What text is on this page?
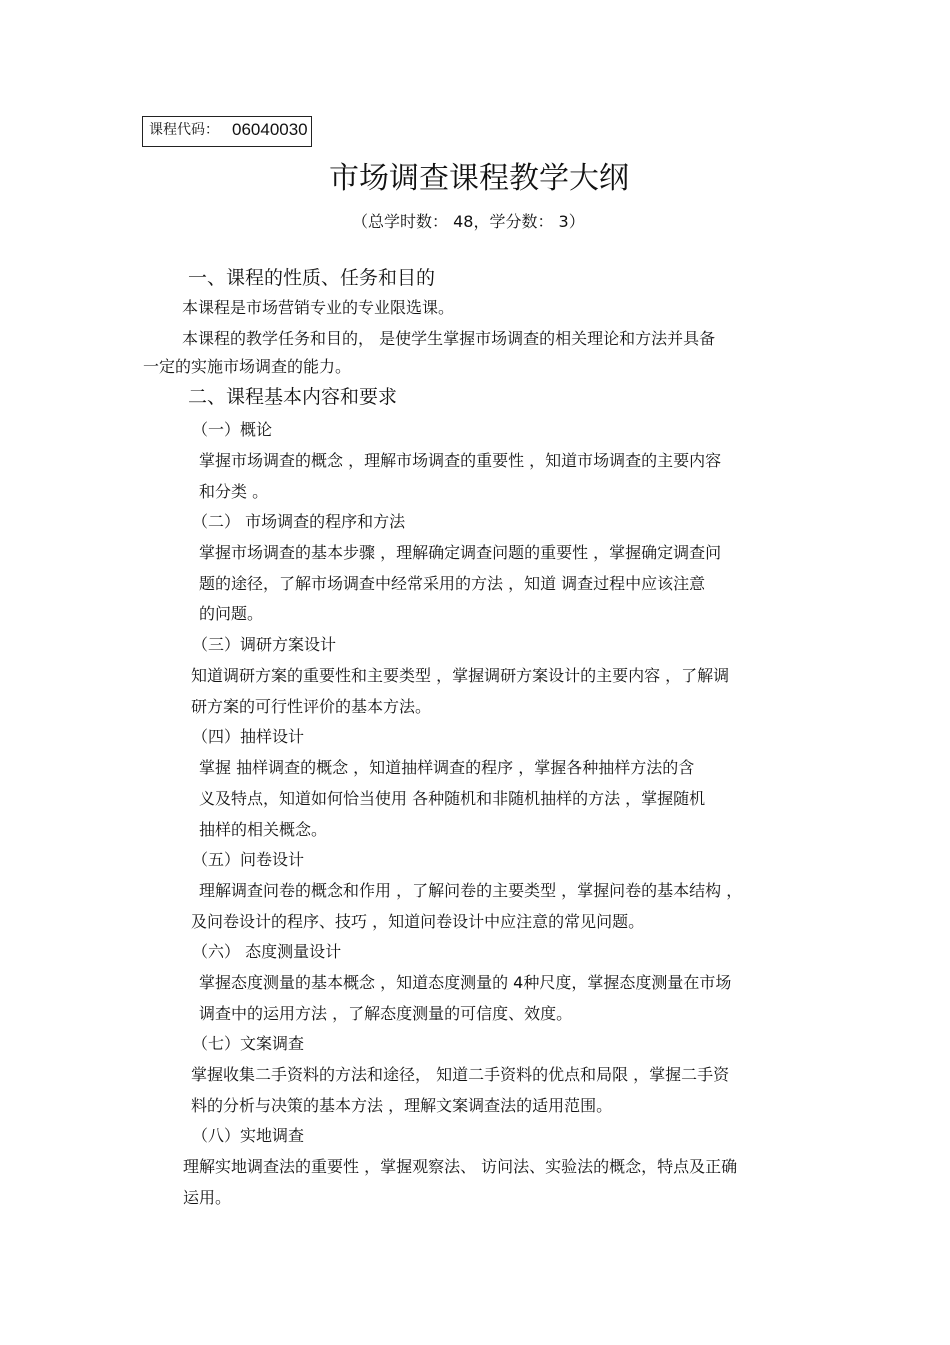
课程代码： 06040030
市场调查课程教学大纲
（总学时数： 48，学分数： 3）
一、课程的性质、任务和目的
本课程是市场营销专业的专业限选课。
本课程的教学任务和目的， 是使学生掌握市场调查的相关理论和方法并具备
一定的实施市场调查的能力。
二、课程基本内容和要求
（一）概论
掌握市场调查的概念 ，理解市场调查的重要性 ，知道市场调查的主要内容
和分类 。
（二） 市场调查的程序和方法
掌握市场调查的基本步骤 ，理解确定调查问题的重要性 ，掌握确定调查问
题的途径，了解市场调查中经常采用的方法 ，知道 调查过程中应该注意
的问题。
（三）调研方案设计
知道调研方案的重要性和主要类型 ，掌握调研方案设计的主要内容 ，了解调
研方案的可行性评价的基本方法。
（四）抽样设计
掌握 抽样调查的概念 ，知道抽样调查的程序 ，掌握各种抽样方法的含
义及特点，知道如何恰当使用 各种随机和非随机抽样的方法 ，掌握随机
抽样的相关概念。
（五）问卷设计
理解调查问卷的概念和作用 ，了解问卷的主要类型 ，掌握问卷的基本结构 ，
及问卷设计的程序、技巧 ，知道问卷设计中应注意的常见问题。
（六） 态度测量设计
掌握态度测量的基本概念 ，知道态度测量的 4种尺度，掌握态度测量在市场
调查中的运用方法 ，了解态度测量的可信度、效度。
（七）文案调查
掌握收集二手资料的方法和途径， 知道二手资料的优点和局限 ，掌握二手资
料的分析与决策的基本方法 ，理解文案调查法的适用范围。
（八）实地调查
理解实地调查法的重要性 ，掌握观察法、 访问法、实验法的概念，特点及正确
运用。
